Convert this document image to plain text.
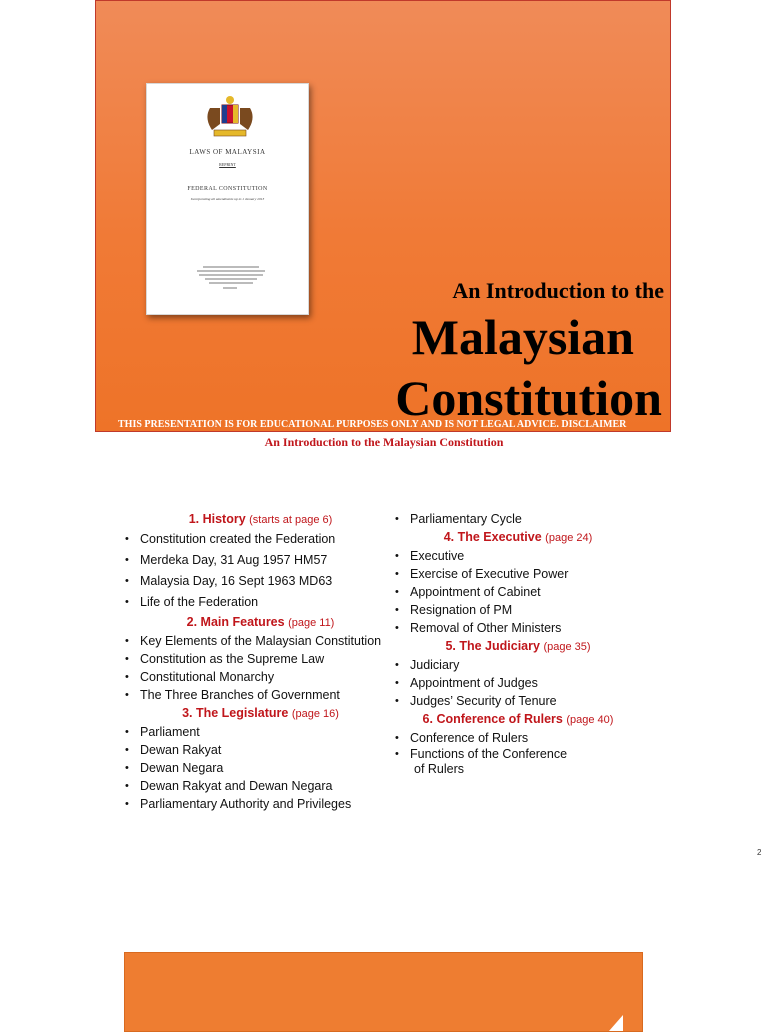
LAWS OF MALAYSIA
REPRINT
FEDERAL CONSTITUTION
Incorporating all amendments up to 1 January 2013
An Introduction to the
Malaysian
Constitution
THIS PRESENTATION IS FOR EDUCATIONAL PURPOSES ONLY AND IS NOT LEGAL ADVICE. DISCLAIMER
An Introduction to the Malaysian Constitution
1. History (starts at page 6)
• Constitution created the Federation
• Merdeka Day, 31 Aug 1957 HM57
• Malaysia Day, 16 Sept 1963 MD63
• Life of the Federation
2. Main Features (page 11)
• Key Elements of the Malaysian Constitution
• Constitution as the Supreme Law
• Constitutional Monarchy
• The Three Branches of Government
3. The Legislature (page 16)
• Parliament
• Dewan Rakyat
• Dewan Negara
• Dewan Rakyat and Dewan Negara
• Parliamentary Authority and Privileges
• Parliamentary Cycle
4. The Executive (page 24)
• Executive
• Exercise of Executive Power
• Appointment of Cabinet
• Resignation of PM
• Removal of Other Ministers
5. The Judiciary (page 35)
• Judiciary
• Appointment of Judges
• Judges’ Security of Tenure
6. Conference of Rulers (page 40)
• Conference of Rulers
• Functions of the Conference
of Rulers
2
